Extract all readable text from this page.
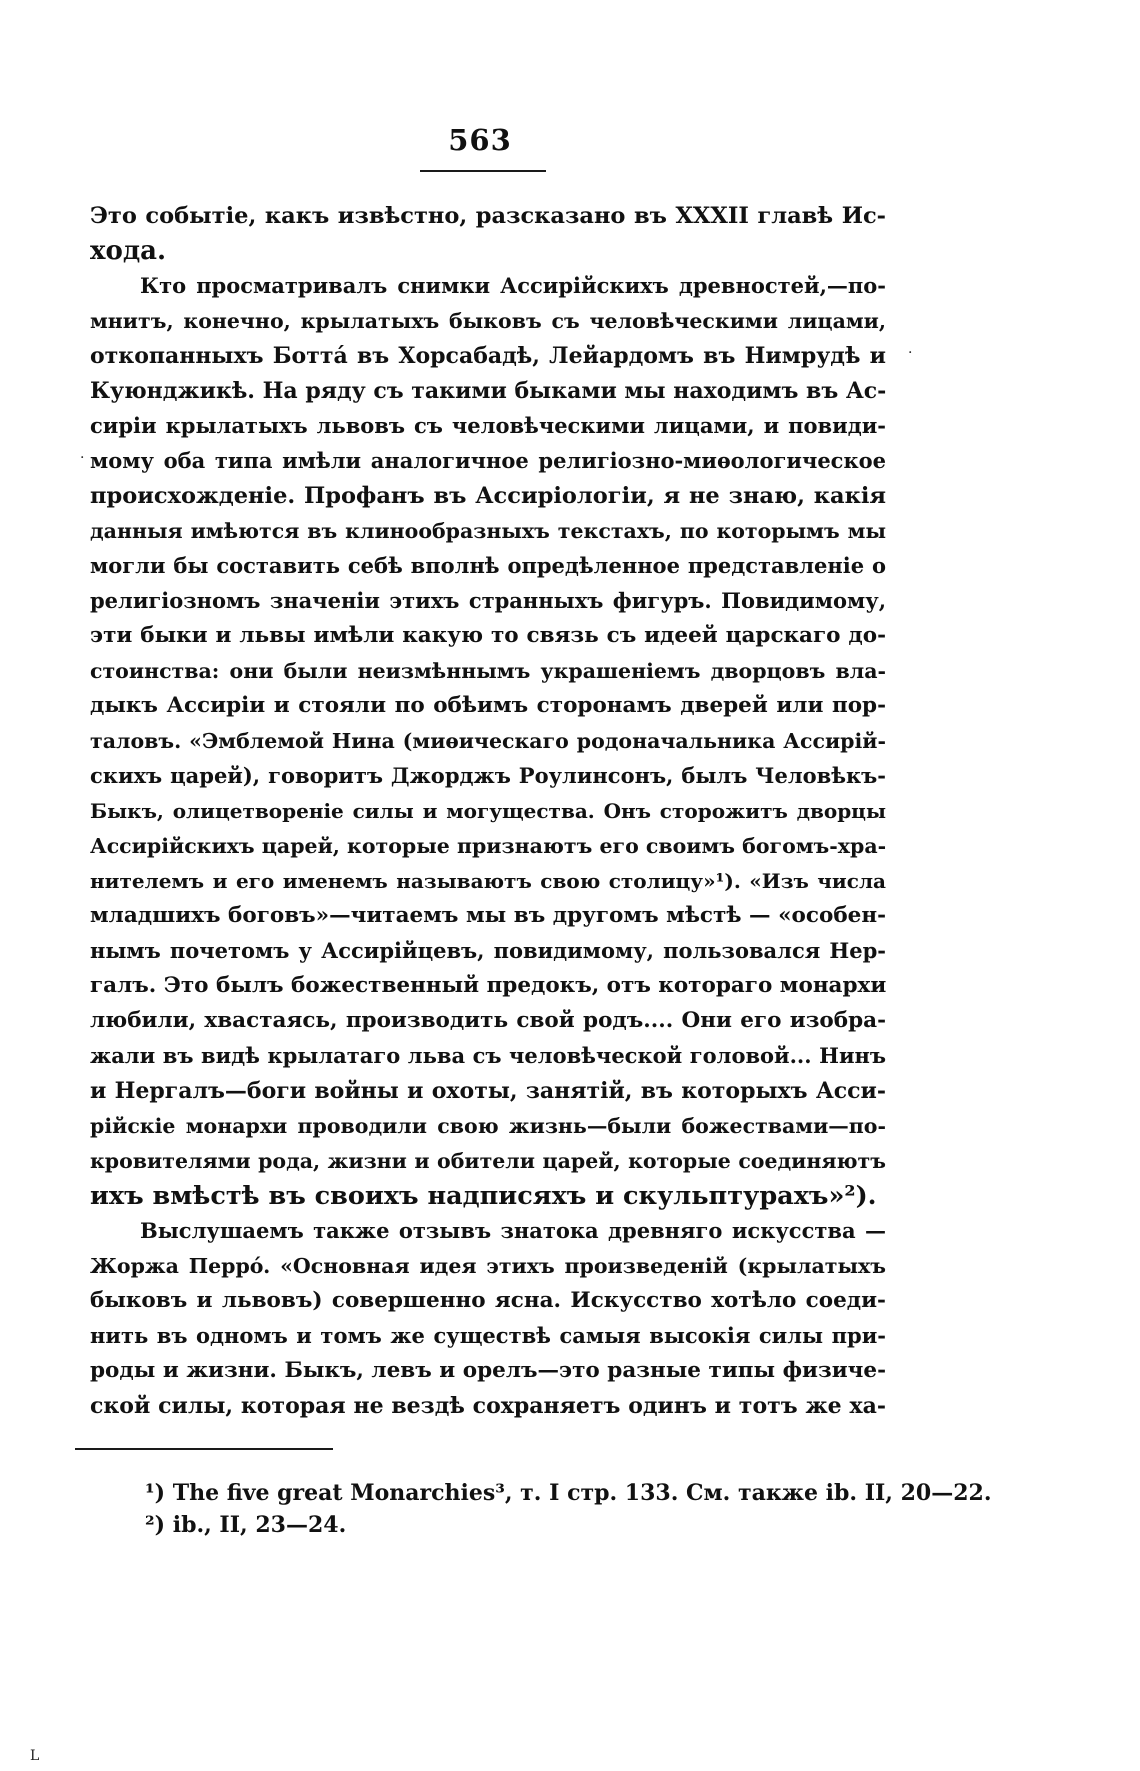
563
Это событіе, какъ извѣстно, разсказано въ XXXII главѣ Ис-
хода.
Кто просматривалъ снимки Ассирійскихъ древностей,—по-
мнитъ, конечно, крылатыхъ быковъ съ человѣческими лицами,
откопанныхъ Боттá въ Хорсабадѣ, Лейардомъ въ Нимрудѣ и
Куюнджикѣ. На ряду съ такими быками мы находимъ въ Ас-
сиріи крылатыхъ львовъ съ человѣческими лицами, и повиди-
мому оба типа имѣли аналогичное религіозно-миѳологическое
происхожденіе. Профанъ въ Ассиріологіи, я не знаю, какія
данныя имѣются въ клинообразныхъ текстахъ, по которымъ мы
могли бы составить себѣ вполнѣ опредѣленное представленіе о
религіозномъ значеніи этихъ странныхъ фигуръ. Повидимому,
эти быки и львы имѣли какую то связь съ идеей царскаго до-
стоинства: они были неизмѣннымъ украшеніемъ дворцовъ вла-
дыкъ Ассиріи и стояли по обѣимъ сторонамъ дверей или пор-
таловъ. «Эмблемой Нина (миѳическаго родоначальника Ассирій-
скихъ царей), говоритъ Джорджъ Роулинсонъ, былъ Человѣкъ-
Быкъ, олицетвореніе силы и могущества. Онъ сторожитъ дворцы
Ассирійскихъ царей, которые признаютъ его своимъ богомъ-хра-
нителемъ и его именемъ называютъ свою столицу»¹). «Изъ числа
младшихъ боговъ»—читаемъ мы въ другомъ мѣстѣ — «особен-
нымъ почетомъ у Ассирійцевъ, повидимому, пользовался Нер-
галъ. Это былъ божественный предокъ, отъ котораго монархи
любили, хвастаясь, производить свой родъ.... Они его изобра-
жали въ видѣ крылатаго льва съ человѣческой головой... Нинъ
и Нергалъ—боги войны и охоты, занятій, въ которыхъ Асси-
рійскіе монархи проводили свою жизнь—были божествами—по-
кровителями рода, жизни и обители царей, которые соединяютъ
ихъ вмѣстѣ въ своихъ надписяхъ и скульптурахъ»²).
Выслушаемъ также отзывъ знатока древняго искусства —
Жоржа Перрó. «Основная идея этихъ произведеній (крылатыхъ
быковъ и львовъ) совершенно ясна. Искусство хотѣло соеди-
нить въ одномъ и томъ же существѣ самыя высокія силы при-
роды и жизни. Быкъ, левъ и орелъ—это разные типы физиче-
ской силы, которая не вездѣ сохраняетъ одинъ и тотъ же ха-
¹) The five great Monarchies³, т. I стр. 133. См. также ib. II, 20—22.
²) ib., II, 23—24.
·
·
L
